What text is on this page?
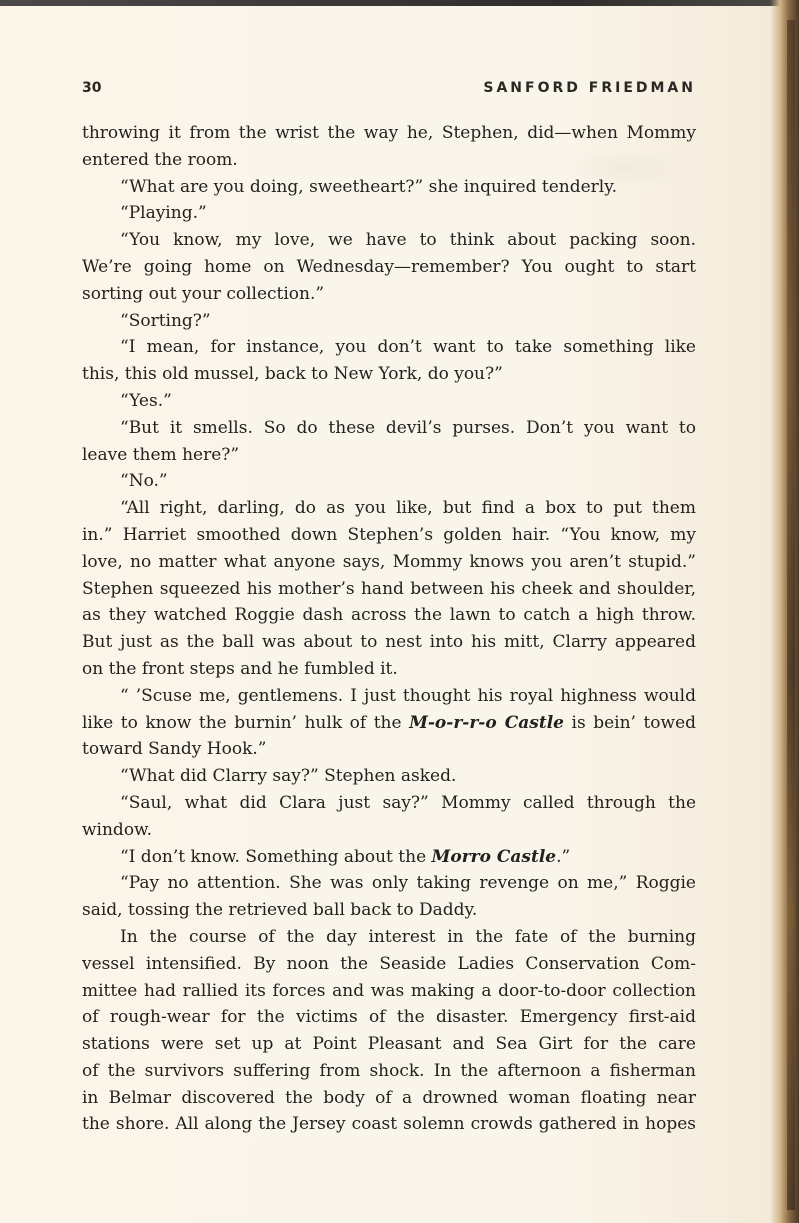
30	SANFORD FRIEDMAN
throwing it from the wrist the way he, Stephen, did—when Mommy
entered the room.
“What are you doing, sweetheart?” she inquired tenderly.
“Playing.”
“You know, my love, we have to think about packing soon.
We’re going home on Wednesday—remember? You ought to start
sorting out your collection.”
“Sorting?”
“I mean, for instance, you don’t want to take something like
this, this old mussel, back to New York, do you?”
“Yes.”
“But it smells. So do these devil’s purses. Don’t you want to
leave them here?”
“No.”
“All right, darling, do as you like, but find a box to put them
in.” Harriet smoothed down Stephen’s golden hair. “You know, my
love, no matter what anyone says, Mommy knows you aren’t stupid.”
Stephen squeezed his mother’s hand between his cheek and shoulder,
as they watched Roggie dash across the lawn to catch a high throw.
But just as the ball was about to nest into his mitt, Clarry appeared
on the front steps and he fumbled it.
“ ’Scuse me, gentlemens. I just thought his royal highness would
like to know the burnin’ hulk of the M-o-r-r-o Castle is bein’ towed
toward Sandy Hook.”
“What did Clarry say?” Stephen asked.
“Saul, what did Clara just say?” Mommy called through the
window.
“I don’t know. Something about the Morro Castle.”
“Pay no attention. She was only taking revenge on me,” Roggie
said, tossing the retrieved ball back to Daddy.
In the course of the day interest in the fate of the burning
vessel intensified. By noon the Seaside Ladies Conservation Com-
mittee had rallied its forces and was making a door-to-door collection
of rough-wear for the victims of the disaster. Emergency first-aid
stations were set up at Point Pleasant and Sea Girt for the care
of the survivors suffering from shock. In the afternoon a fisherman
in Belmar discovered the body of a drowned woman floating near
the shore. All along the Jersey coast solemn crowds gathered in hopes
